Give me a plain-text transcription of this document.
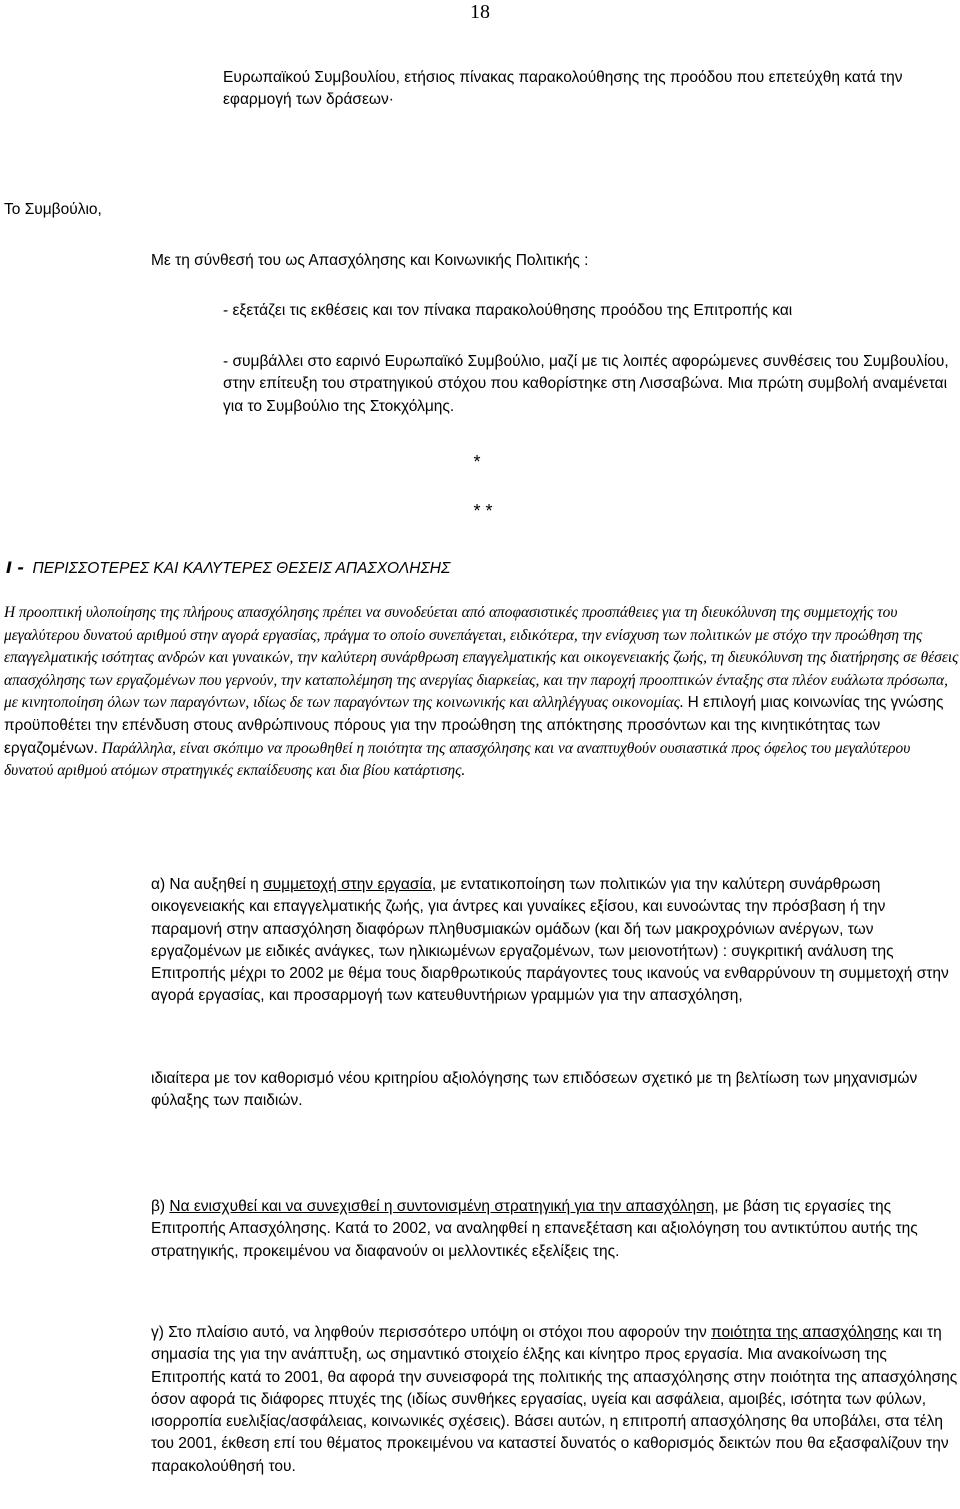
18

Ευρωπαϊκού Συμβουλίου, ετήσιος πίνακας παρακολούθησης της προόδου που επετεύχθη κατά την εφαρμογή των δράσεων·

Το Συμβούλιο,

Με τη σύνθεσή του ως Απασχόλησης και Κοινωνικής Πολιτικής :

- εξετάζει τις εκθέσεις και τον πίνακα παρακολούθησης προόδου της Επιτροπής και

- συμβάλλει στο εαρινό Ευρωπαϊκό Συμβούλιο, μαζί με τις λοιπές αφορώμενες συνθέσεις του Συμβουλίου, στην επίτευξη του στρατηγικού στόχου που καθορίστηκε στη Λισσαβώνα. Μια πρώτη συμβολή αναμένεται για το Συμβούλιο της Στοκχόλμης.

*
* *
I - ΠΕΡΙΣΣΟΤΕΡΕΣ ΚΑΙ ΚΑΛΥΤΕΡΕΣ ΘΕΣΕΙΣ ΑΠΑΣΧΟΛΗΣΗΣ

Η προοπτική υλοποίησης της πλήρους απασχόλησης πρέπει να συνοδεύεται από αποφασιστικές προσπάθειες για τη διευκόλυνση της συμμετοχής του μεγαλύτερου δυνατού αριθμού στην αγορά εργασίας, πράγμα το οποίο συνεπάγεται, ειδικότερα, την ενίσχυση των πολιτικών με στόχο την προώθηση της επαγγελματικής ισότητας ανδρών και γυναικών, την καλύτερη συνάρθρωση επαγγελματικής και οικογενειακής ζωής, τη διευκόλυνση της διατήρησης σε θέσεις απασχόλησης των εργαζομένων που γερνούν, την καταπολέμηση της ανεργίας διαρκείας, και την παροχή προοπτικών ένταξης στα πλέον ευάλωτα πρόσωπα, με κινητοποίηση όλων των παραγόντων, ιδίως δε των παραγόντων της κοινωνικής και αλληλέγγυας οικονομίας. Η επιλογή μιας κοινωνίας της γνώσης προϋποθέτει την επένδυση στους ανθρώπινους πόρους για την προώθηση της απόκτησης προσόντων και της κινητικότητας των εργαζομένων. Παράλληλα, είναι σκόπιμο να προωθηθεί η ποιότητα της απασχόλησης και να αναπτυχθούν ουσιαστικά προς όφελος του μεγαλύτερου δυνατού αριθμού ατόμων στρατηγικές εκπαίδευσης και δια βίου κατάρτισης.

α) Να αυξηθεί η συμμετοχή στην εργασία, με εντατικοποίηση των πολιτικών για την καλύτερη συνάρθρωση οικογενειακής και επαγγελματικής ζωής, για άντρες και γυναίκες εξίσου, και ευνοώντας την πρόσβαση ή την παραμονή στην απασχόληση διαφόρων πληθυσμιακών ομάδων (και δή των μακροχρόνιων ανέργων, των εργαζομένων με ειδικές ανάγκες, των ηλικιωμένων εργαζομένων, των μειονοτήτων) : συγκριτική ανάλυση της Επιτροπής μέχρι το 2002 με θέμα τους διαρθρωτικούς παράγοντες τους ικανούς να ενθαρρύνουν τη συμμετοχή στην αγορά εργασίας, και προσαρμογή των κατευθυντήριων γραμμών για την απασχόληση,

ιδιαίτερα με τον καθορισμό νέου κριτηρίου αξιολόγησης των επιδόσεων σχετικό με τη βελτίωση των μηχανισμών φύλαξης των παιδιών.

β) Να ενισχυθεί και να συνεχισθεί η συντονισμένη στρατηγική για την απασχόληση, με βάση τις εργασίες της Επιτροπής Απασχόλησης. Κατά το 2002, να αναληφθεί η επανεξέταση και αξιολόγηση του αντικτύπου αυτής της στρατηγικής, προκειμένου να διαφανούν οι μελλοντικές εξελίξεις της.

γ) Στο πλαίσιο αυτό, να ληφθούν περισσότερο υπόψη οι στόχοι που αφορούν την ποιότητα της απασχόλησης και τη σημασία της για την ανάπτυξη, ως σημαντικό στοιχείο έλξης και κίνητρο προς εργασία. Μια ανακοίνωση της Επιτροπής κατά το 2001, θα αφορά την συνεισφορά της πολιτικής της απασχόλησης στην ποιότητα της απασχόλησης όσον αφορά τις διάφορες πτυχές της (ιδίως συνθήκες εργασίας, υγεία και ασφάλεια, αμοιβές, ισότητα των φύλων, ισορροπία ευελιξίας/ασφάλειας, κοινωνικές σχέσεις). Βάσει αυτών, η επιτροπή απασχόλησης θα υποβάλει, στα τέλη του 2001, έκθεση επί του θέματος προκειμένου να καταστεί δυνατός ο καθορισμός δεικτών που θα εξασφαλίζουν την παρακολούθησή του.
